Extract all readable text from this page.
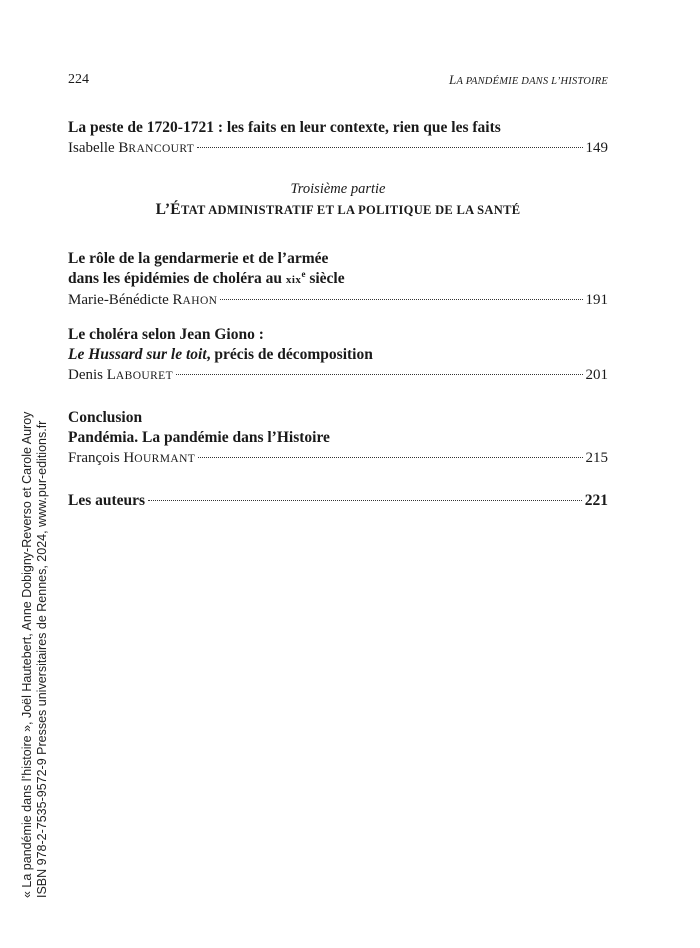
224	LA PANDÉMIE DANS L’HISTOIRE
La peste de 1720-1721 : les faits en leur contexte, rien que les faits
Isabelle BRANCOURT	149
Troisième partie
L’ÉTAT ADMINISTRATIF ET LA POLITIQUE DE LA SANTÉ
Le rôle de la gendarmerie et de l’armée
dans les épidémies de choléra au xix$^e$ siècle
Marie-Bénédicte RAHON	191
Le choléra selon Jean Giono :
Le Hussard sur le toit, précis de décomposition
Denis LABOURET	201
Conclusion
Pandémia. La pandémie dans l’Histoire
François HOURMANT	215
Les auteurs	221
« La pandémie dans l’histoire », Joël Hautebert, Anne Dobigny-Reverso et Carole Auroy ISBN 978-2-7535-9572-9 Presses universitaires de Rennes, 2024, www.pur-editions.fr
